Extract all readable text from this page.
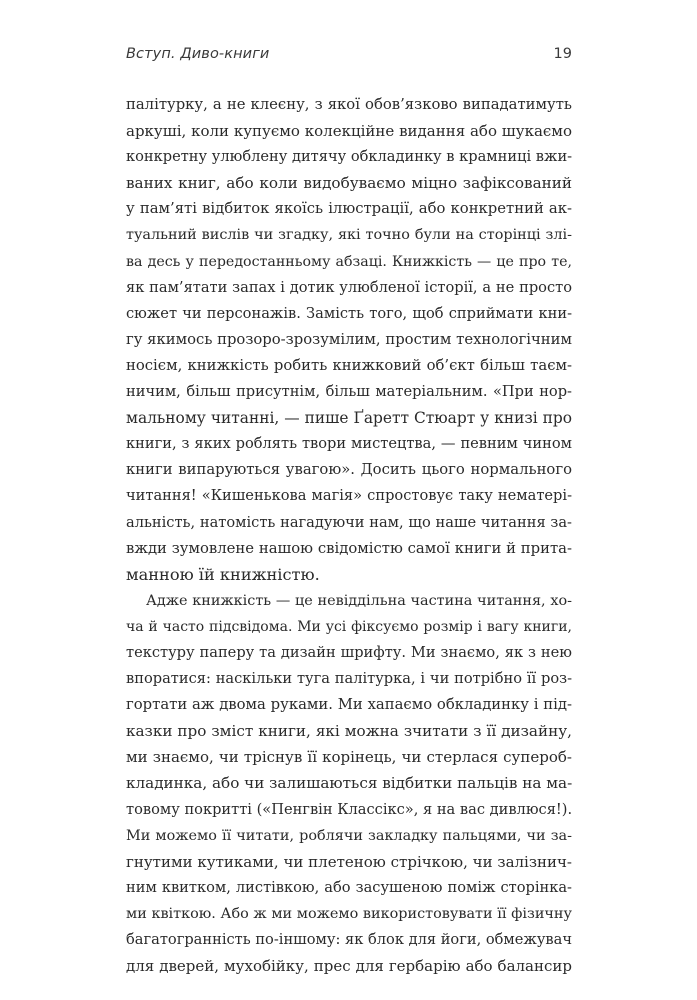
Вступ. Диво-книги	19
палітурку, а не клеєну, з якої обов’язково випадатимуть
аркуші, коли купуємо колекційне видання або шукаємо
конкретну улюблену дитячу обкладинку в крамниці вжи-
ваних книг, або коли видобуваємо міцно зафіксований
у пам’яті відбиток якоїсь ілюстрації, або конкретний ак-
туальний вислів чи згадку, які точно були на сторінці злі-
ва десь у передостанньому абзаці. Книжкість — це про те,
як пам’ятати запах і дотик улюбленої історії, а не просто
сюжет чи персонажів. Замість того, щоб сприймати кни-
гу якимось прозоро-зрозумілим, простим технологічним
носієм, книжкість робить книжковий об’єкт більш таєм-
ничим, більш присутнім, більш матеріальним. «При нор-
мальному читанні, — пише Ґаретт Стюарт у книзі про
книги, з яких роблять твори мистецтва, — певним чином
книги випаруються увагою». Досить цього нормального
читання! «Кишенькова магія» спростовує таку нематері-
альність, натомість нагадуючи нам, що наше читання за-
вжди зумовлене нашою свідомістю самої книги й прита-
манною їй книжністю.
Адже книжкість — це невіддільна частина читання, хо-
ча й часто підсвідома. Ми усі фіксуємо розмір і вагу книги,
текстуру паперу та дизайн шрифту. Ми знаємо, як з нею
впоратися: наскільки туга палітурка, і чи потрібно її роз-
гортати аж двома руками. Ми хапаємо обкладинку і під-
казки про зміст книги, які можна зчитати з її дизайну,
ми знаємо, чи тріснув її корінець, чи стерлася супероб-
кладинка, або чи залишаються відбитки пальців на ма-
товому покритті («Пенгвін Классікс», я на вас дивлюся!).
Ми можемо її читати, роблячи закладку пальцями, чи за-
гнутими кутиками, чи плетеною стрічкою, чи залізнич-
ним квитком, листівкою, або засушеною поміж сторінка-
ми квіткою. Або ж ми можемо використовувати її фізичну
багатогранність по-іншому: як блок для йоги, обмежувач
для дверей, мухобійку, прес для гербарію або балансир
